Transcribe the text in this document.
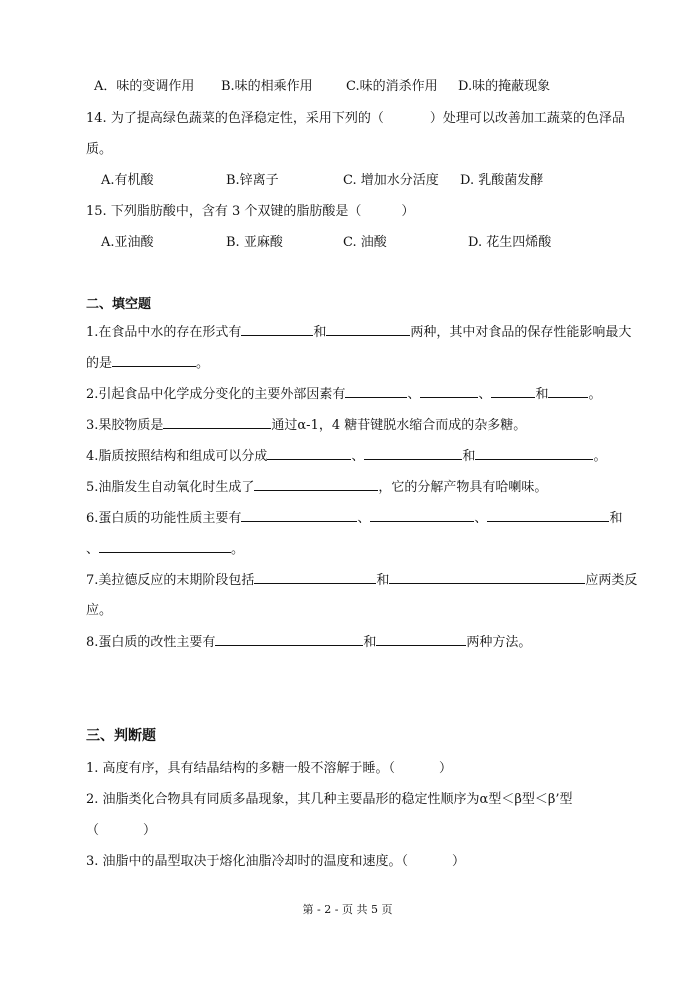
A．味的变调作用 B.味的相乘作用	C.味的消杀作用 D.味的掩蔽现象
14. 为了提高绿色蔬菜的色泽稳定性，采用下列的（	）处理可以改善加工蔬菜的色泽品
质。
A.有机酸	B.锌离子	C. 增加水分活度 D. 乳酸菌发酵
15. 下列脂肪酸中，含有 3 个双键的脂肪酸是（	）
A.亚油酸	B. 亚麻酸	C. 油酸	D. 花生四烯酸
二、填空题
1.在食品中水的存在形式有	和	两种，其中对食品的保存性能影响最大
的是	。
2.引起食品中化学成分变化的主要外部因素有	、	、	和	。
3.果胶物质是	通过α-1，4 糖苷键脱水缩合而成的杂多糖。
4.脂质按照结构和组成可以分成	、	和	。
5.油脂发生自动氧化时生成了	，它的分解产物具有哈喇味。
6.蛋白质的功能性质主要有	、	、	和
、	。
7.美拉德反应的末期阶段包括	和	应两类反
应。
8.蛋白质的改性主要有	和	两种方法。
三、判断题
1. 高度有序，具有结晶结构的多糖一般不溶解于睡。（	）
2. 油脂类化合物具有同质多晶现象，其几种主要晶形的稳定性顺序为α型＜β型＜β’型
（	）
3. 油脂中的晶型取决于熔化油脂冷却时的温度和速度。（	）
第 - 2 - 页 共 5 页
